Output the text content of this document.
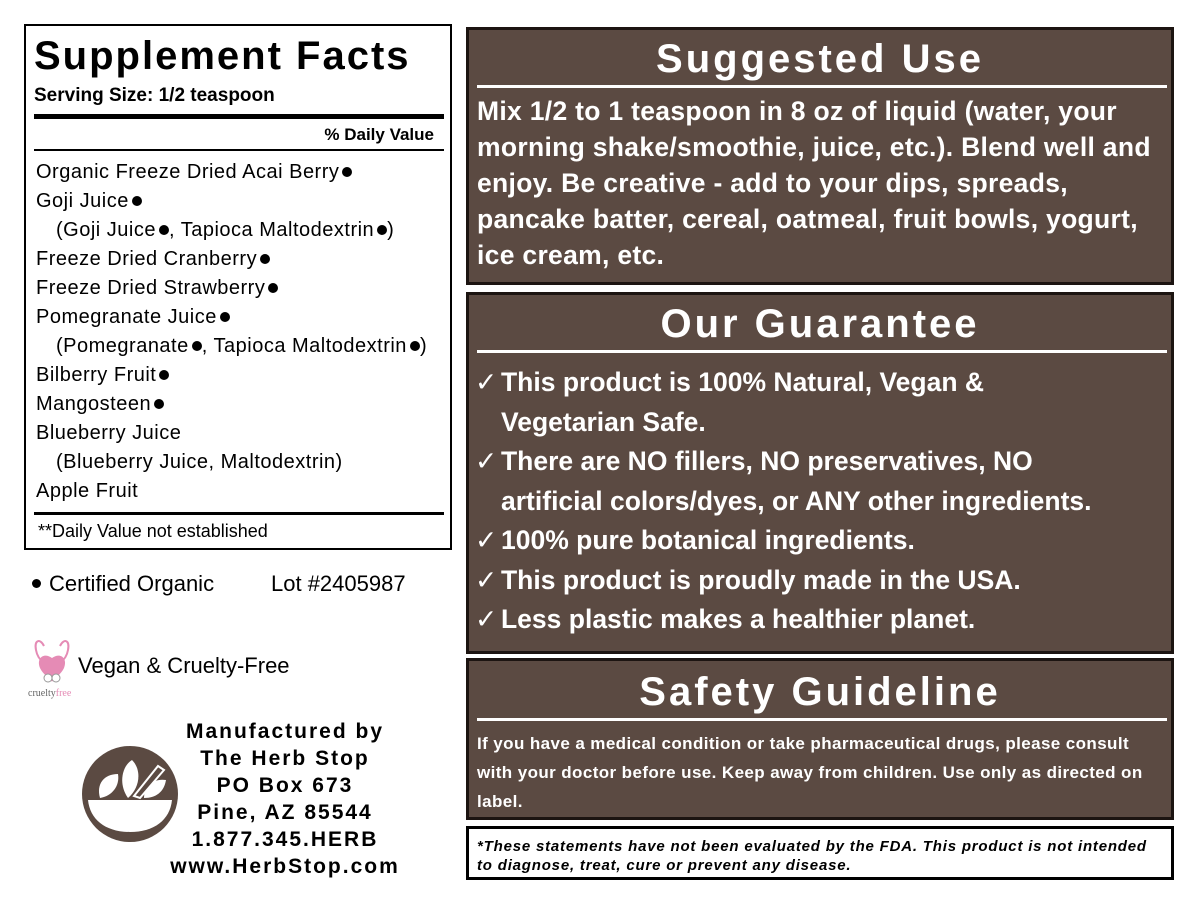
Supplement Facts
Serving Size: 1/2 teaspoon
% Daily Value
Organic Freeze Dried Acai Berry
Goji Juice
(Goji Juice , Tapioca Maltodextrin )
Freeze Dried Cranberry
Freeze Dried Strawberry
Pomegranate Juice
(Pomegranate , Tapioca Maltodextrin )
Bilberry Fruit
Mangosteen
Blueberry Juice
(Blueberry Juice, Maltodextrin)
Apple Fruit
**Daily Value not established
Certified Organic	Lot #2405987
crueltyfree
Vegan & Cruelty-Free
Manufactured by
The Herb Stop
PO Box 673
Pine, AZ 85544
1.877.345.HERB
www.HerbStop.com
Suggested Use
Mix 1/2 to 1 teaspoon in 8 oz of liquid (water, your morning shake/smoothie, juice, etc.). Blend well and enjoy. Be creative - add to your dips, spreads, pancake batter, cereal, oatmeal, fruit bowls, yogurt, ice cream, etc.
Our Guarantee
✓ This product is 100% Natural, Vegan &
Vegetarian Safe.
✓ There are NO fillers, NO preservatives, NO
artificial colors/dyes, or ANY other ingredients.
✓ 100% pure botanical ingredients.
✓ This product is proudly made in the USA.
✓ Less plastic makes a healthier planet.
Safety Guideline
If you have a medical condition or take pharmaceutical drugs, please consult with your doctor before use. Keep away from children. Use only as directed on label.
*These statements have not been evaluated by the FDA. This product is not intended to diagnose, treat, cure or prevent any disease.
